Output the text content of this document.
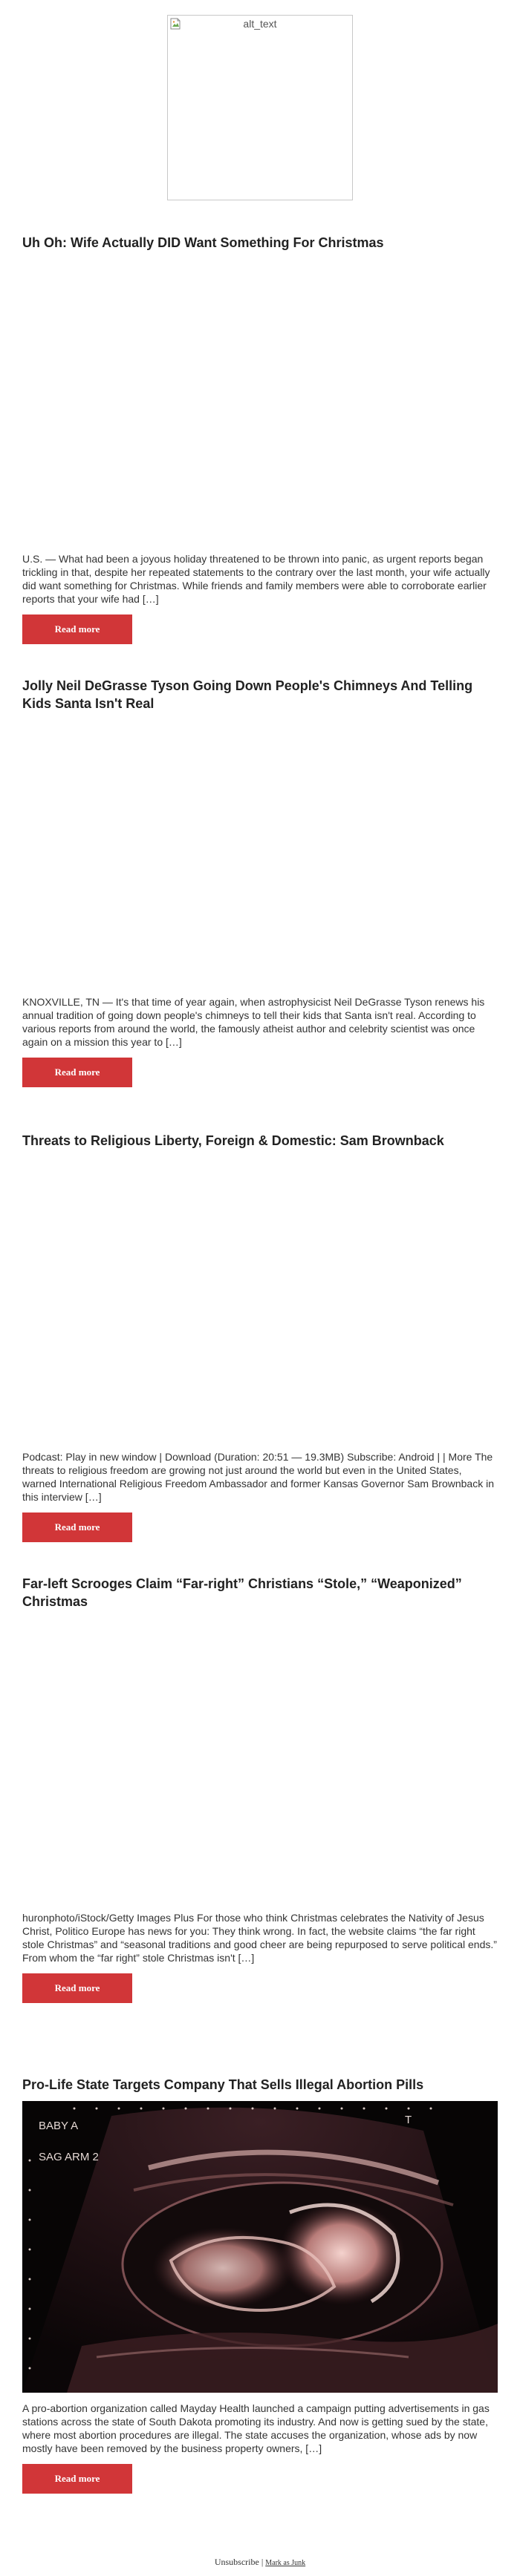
alt_text
Uh Oh: Wife Actually DID Want Something For Christmas

U.S. — What had been a joyous holiday threatened to be thrown into panic, as urgent reports began trickling in that, despite her repeated statements to the contrary over the last month, your wife actually did want something for Christmas. While friends and family members were able to corroborate earlier reports that your wife had […]

Read more
Jolly Neil DeGrasse Tyson Going Down People's Chimneys And Telling Kids Santa Isn't Real

KNOXVILLE, TN — It's that time of year again, when astrophysicist Neil DeGrasse Tyson renews his annual tradition of going down people's chimneys to tell their kids that Santa isn't real. According to various reports from around the world, the famously atheist author and celebrity scientist was once again on a mission this year to […]

Read more
Threats to Religious Liberty, Foreign & Domestic: Sam Brownback

Podcast: Play in new window | Download (Duration: 20:51 — 19.3MB) Subscribe: Android | | More The threats to religious freedom are growing not just around the world but even in the United States, warned International Religious Freedom Ambassador and former Kansas Governor Sam Brownback in this interview […]

Read more
Far-left Scrooges Claim “Far-right” Christians “Stole,” “Weaponized” Christmas

huronphoto/iStock/Getty Images Plus For those who think Christmas celebrates the Nativity of Jesus Christ, Politico Europe has news for you: They think wrong. In fact, the website claims “the far right stole Christmas” and “seasonal traditions and good cheer are being repurposed to serve political ends.” From whom the “far right” stole Christmas isn't […]

Read more
Pro-Life State Targets Company That Sells Illegal Abortion Pills
BABY A
SAG ARM 2
T

A pro-abortion organization called Mayday Health launched a campaign putting advertisements in gas stations across the state of South Dakota promoting its industry. And now is getting sued by the state, where most abortion procedures are illegal. The state accuses the organization, whose ads by now mostly have been removed by the business property owners, […]

Read more
Unsubscribe | Mark as Junk
